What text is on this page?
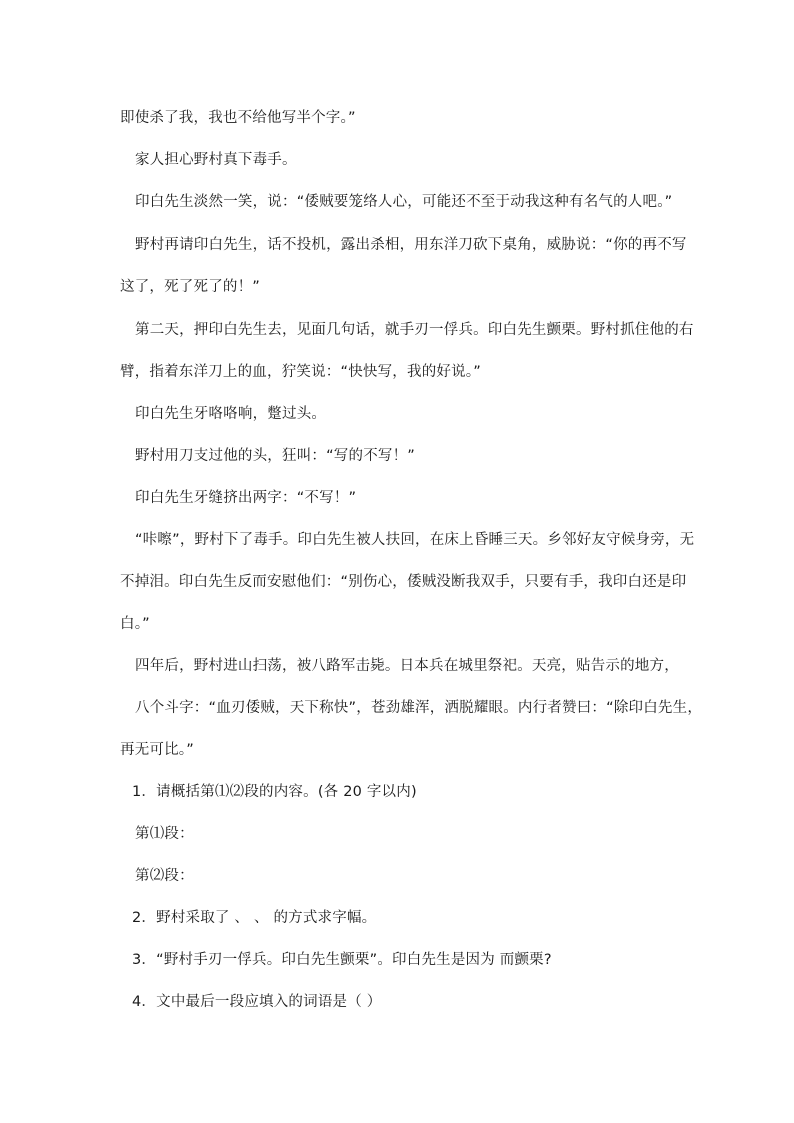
即使杀了我，我也不给他写半个字。”
家人担心野村真下毒手。
印白先生淡然一笑，说：“倭贼要笼络人心，可能还不至于动我这种有名气的人吧。”
野村再请印白先生，话不投机，露出杀相，用东洋刀砍下桌角，威胁说：“你的再不写
这了，死了死了的！”
第二天，押印白先生去，见面几句话，就手刃一俘兵。印白先生颤栗。野村抓住他的右
臂，指着东洋刀上的血，狞笑说：“快快写，我的好说。”
印白先生牙咯咯响，蹩过头。
野村用刀支过他的头，狂叫：“写的不写！”
印白先生牙缝挤出两字：“不写！”
“咔嚓”，野村下了毒手。印白先生被人扶回，在床上昏睡三天。乡邻好友守候身旁，无
不掉泪。印白先生反而安慰他们：“别伤心，倭贼没断我双手，只要有手，我印白还是印
白。”
四年后，野村进山扫荡，被八路军击毙。日本兵在城里祭祀。天亮，贴告示的地方，
八个斗字：“血刃倭贼，天下称快”，苍劲雄浑，洒脱耀眼。内行者赞曰：“除印白先生，
再无可比。”
1．请概括第⑴⑵段的内容。(各 20 字以内)
第⑴段：
第⑵段：
2．野村采取了 、 、 的方式求字幅。
3．“野村手刃一俘兵。印白先生颤栗”。印白先生是因为 而颤栗?
4．文中最后一段应填入的词语是（ ）
